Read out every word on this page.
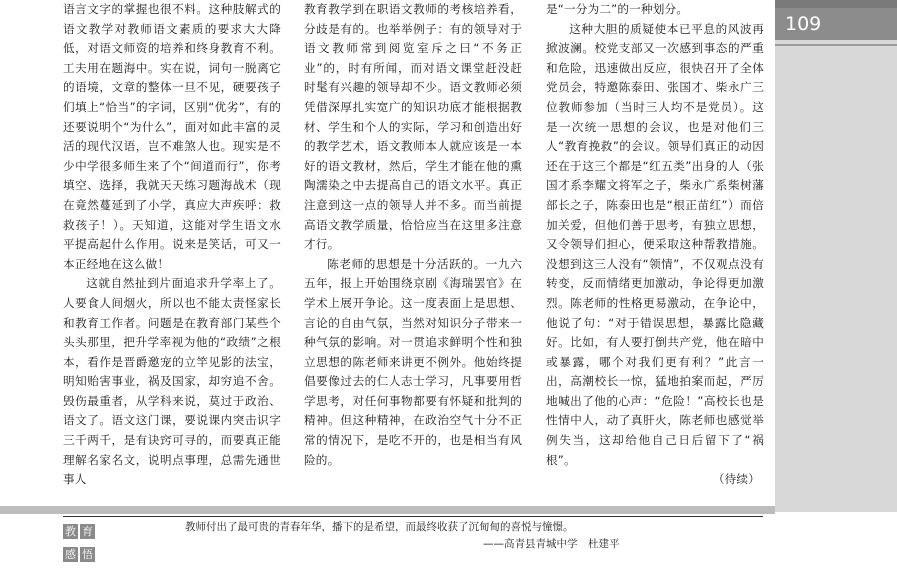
语言文字的掌握也很不料。这种肢解式的语文教学对教师语文素质的要求大大降低，对语文师资的培养和终身教育不利。工夫用在题海中。实在说，词句一脱离它的语境，文章的整体一旦不见，硬要孩子们填上“恰当”的字词，区别“优劣”，有的还要说明个“为什么”，面对如此丰富的灵活的现代汉语，岂不难煞人也。现实是不少中学很多师生来了个“间道而行”，你考填空、选择，我就天天练习题海战术（现在竟然蔓延到了小学，真应大声疾呼：救救孩子！）。天知道，这能对学生语文水平提高起什么作用。说来是笑话，可又一本正经地在这么做！

这就自然扯到片面追求升学率上了。人要食人间烟火，所以也不能太责怪家长和教育工作者。问题是在教育部门某些个头头那里，把升学率视为他的“政绩”之根本，看作是晋爵邀宠的立竿见影的法宝，明知贻害事业，祸及国家，却穷追不舍。毁伤最重者，从学科来说，莫过于政治、语文了。语文这门课，要说课内突击识字三千两千，是有诀窍可寻的，而要真正能理解名家名文，说明点事理，总需先通世事人

教育教学到在职语文教师的考核培养看，分歧是有的。也举举例子：有的领导对于语文教师常到阅览室斥之曰“不务正业”的，时有所闻，而对语文课堂赶没赶时髦有兴趣的领导却不少。语文教师必须凭借深厚扎实宽广的知识功底才能根据教材、学生和个人的实际，学习和创造出好的教学艺术，语文教师本人就应该是一本好的语文教材，然后，学生才能在他的熏陶濡染之中去提高自己的语文水平。真正注意到这一点的领导人并不多。而当前提高语文教学质量，恰恰应当在这里多注意才行。

陈老师的思想是十分活跃的。一九六五年，报上开始围绕京剧《海瑞罢官》在学术上展开争论。这一度表面上是思想、言论的自由气氛，当然对知识分子带来一种气氛的影响。对一贯追求鲜明个性和独立思想的陈老师来讲更不例外。他始终提倡要像过去的仁人志士学习，凡事要用哲学思考，对任何事物都要有怀疑和批判的精神。但这种精神，在政治空气十分不正常的情况下，是吃不开的，也是相当有风险的。

是“一分为二”的一种划分。

这种大胆的质疑使本已平息的风波再掀波澜。校党支部又一次感到事态的严重和危险，迅速做出反应，很快召开了全体党员会，特邀陈泰田、张国才、柴永广三位教师参加（当时三人均不是党员）。这是一次统一思想的会议，也是对他们三人“教育挽救”的会议。领导们真正的动因还在于这三个都是“红五类”出身的人（张国才系李耀文将军之子，柴永广系柴树藩部长之子，陈泰田也是“根正苗红”）而倍加关爱，但他们善于思考，有独立思想，又令领导们担心，便采取这种帮教措施。没想到这三人没有“领情”，不仅观点没有转变，反而情绪更加激动，争论得更加激烈。陈老师的性格更易激动，在争论中，他说了句：“对于错误思想，暴露比隐藏好。比如，有人要打倒共产党，他在暗中或暴露，哪个对我们更有利？”此言一出，高潮校长一惊，猛地拍案而起，严厉地喊出了他的心声：“危险！”高校长也是性情中人，动了真肝火，陈老师也感觉举例失当，这却给他自己日后留下了“祸根”。

（待续）

109
教 育
感 悟
教师付出了最可贵的青春年华，播下的是希望，而最终收获了沉甸甸的喜悦与憧憬。
——高青县青城中学　杜建平
